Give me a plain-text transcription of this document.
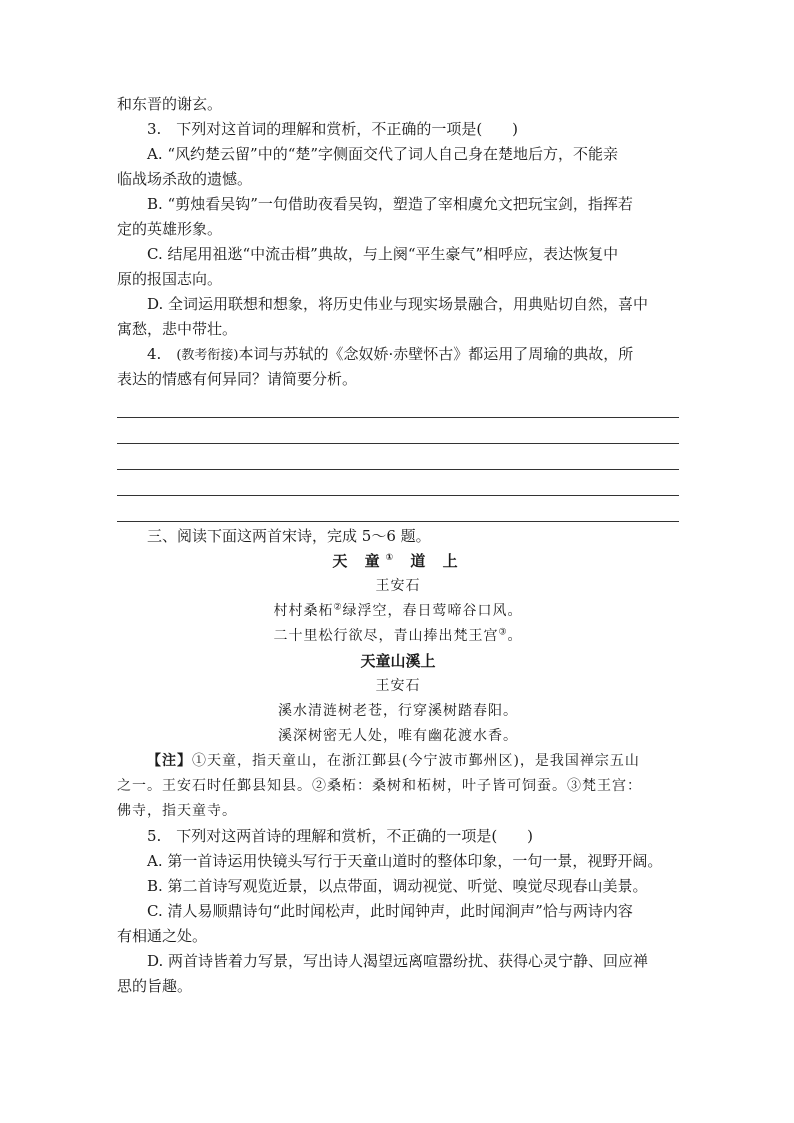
和东晋的谢玄。
3.　下列对这首词的理解和赏析，不正确的一项是(　　)
A. “风约楚云留”中的“楚”字侧面交代了词人自己身在楚地后方，不能亲
临战场杀敌的遗憾。
B. “剪烛看吴钩”一句借助夜看吴钩，塑造了宰相虞允文把玩宝剑，指挥若
定的英雄形象。
C. 结尾用祖逖“中流击楫”典故，与上阕“平生豪气”相呼应，表达恢复中
原的报国志向。
D. 全词运用联想和想象，将历史伟业与现实场景融合，用典贴切自然，喜中
寓愁，悲中带壮。
4.　(教考衔接)本词与苏轼的《念奴娇·赤壁怀古》都运用了周瑜的典故，所
表达的情感有何异同？请简要分析。
三、阅读下面这两首宋诗，完成 5～6 题。
天 童① 道 上
王安石
村村桑柘②绿浮空，春日莺啼谷口风。
二十里松行欲尽，青山捧出梵王宫③。
天童山溪上
王安石
溪水清涟树老苍，行穿溪树踏春阳。
溪深树密无人处，唯有幽花渡水香。
【注】①天童，指天童山，在浙江鄞县(今宁波市鄞州区)，是我国禅宗五山
之一。王安石时任鄞县知县。②桑柘：桑树和柘树，叶子皆可饲蚕。③梵王宫：
佛寺，指天童寺。
5.　下列对这两首诗的理解和赏析，不正确的一项是(　　)
A. 第一首诗运用快镜头写行于天童山道时的整体印象，一句一景，视野开阔。
B. 第二首诗写观览近景，以点带面，调动视觉、听觉、嗅觉尽现春山美景。
C. 清人易顺鼎诗句“此时闻松声，此时闻钟声，此时闻涧声”恰与两诗内容
有相通之处。
D. 两首诗皆着力写景，写出诗人渴望远离喧嚣纷扰、获得心灵宁静、回应禅
思的旨趣。
